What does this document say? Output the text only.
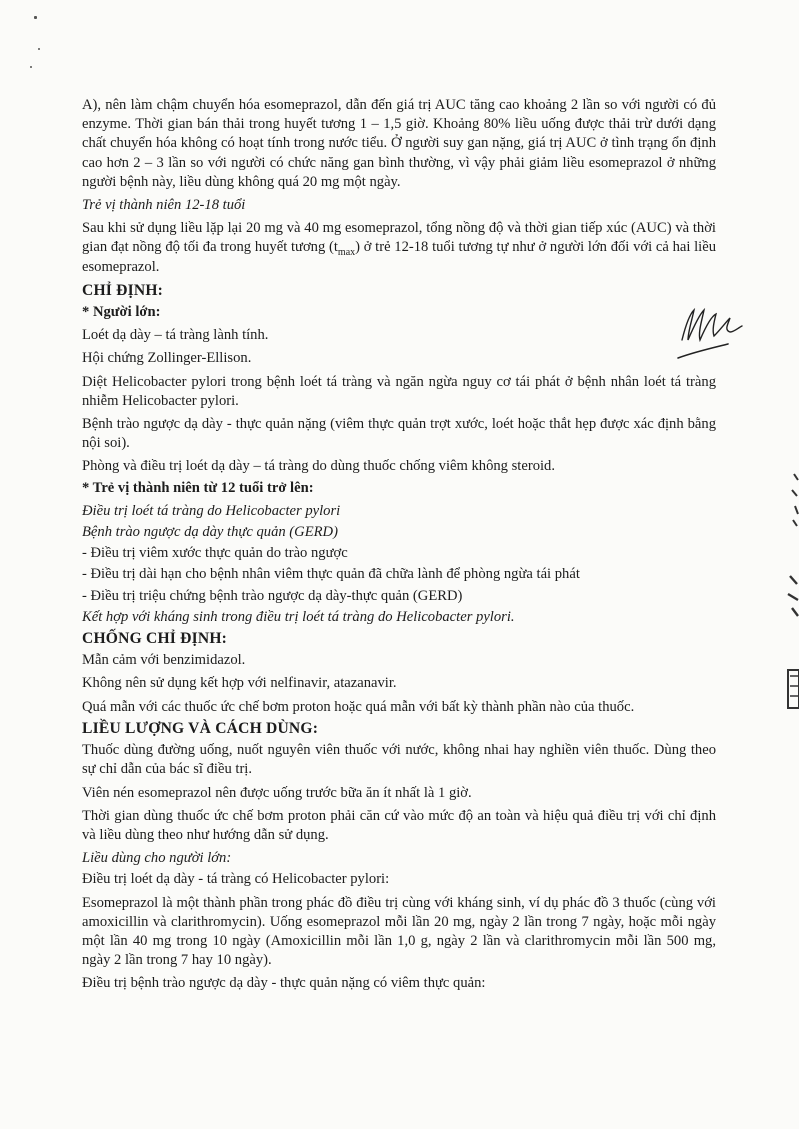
A), nên làm chậm chuyển hóa esomeprazol, dẫn đến giá trị AUC tăng cao khoảng 2 lần so với người có đủ enzyme. Thời gian bán thải trong huyết tương 1 – 1,5 giờ. Khoảng 80% liều uống được thải trừ dưới dạng chất chuyển hóa không có hoạt tính trong nước tiểu. Ở người suy gan nặng, giá trị AUC ở tình trạng ổn định cao hơn 2 – 3 lần so với người có chức năng gan bình thường, vì vậy phải giảm liều esomeprazol ở những người bệnh này, liều dùng không quá 20 mg một ngày.

Trẻ vị thành niên 12-18 tuổi

Sau khi sử dụng liều lặp lại 20 mg và 40 mg esomeprazol, tổng nồng độ và thời gian tiếp xúc (AUC) và thời gian đạt nồng độ tối đa trong huyết tương $(t_{max})$ ở trẻ 12-18 tuổi tương tự như ở người lớn đối với cả hai liều esomeprazol.

CHỈ ĐỊNH:

* Người lớn:

Loét dạ dày – tá tràng lành tính.

Hội chứng Zollinger-Ellison.

Diệt Helicobacter pylori trong bệnh loét tá tràng và ngăn ngừa nguy cơ tái phát ở bệnh nhân loét tá tràng nhiễm Helicobacter pylori.

Bệnh trào ngược dạ dày - thực quản nặng (viêm thực quản trợt xước, loét hoặc thắt hẹp được xác định bằng nội soi).

Phòng và điều trị loét dạ dày – tá tràng do dùng thuốc chống viêm không steroid.

* Trẻ vị thành niên từ 12 tuổi trở lên:

Điều trị loét tá tràng do Helicobacter pylori

Bệnh trào ngược dạ dày thực quản (GERD)

- Điều trị viêm xước thực quản do trào ngược

- Điều trị dài hạn cho bệnh nhân viêm thực quản đã chữa lành để phòng ngừa tái phát

- Điều trị triệu chứng bệnh trào ngược dạ dày-thực quản (GERD)

Kết hợp với kháng sinh trong điều trị loét tá tràng do Helicobacter pylori.

CHỐNG CHỈ ĐỊNH:

Mẫn cảm với benzimidazol.

Không nên sử dụng kết hợp với nelfinavir, atazanavir.

Quá mẫn với các thuốc ức chế bơm proton hoặc quá mẫn với bất kỳ thành phần nào của thuốc.

LIỀU LƯỢNG VÀ CÁCH DÙNG:

Thuốc dùng đường uống, nuốt nguyên viên thuốc với nước, không nhai hay nghiền viên thuốc. Dùng theo sự chỉ dẫn của bác sĩ điều trị.

Viên nén esomeprazol nên được uống trước bữa ăn ít nhất là 1 giờ.

Thời gian dùng thuốc ức chế bơm proton phải căn cứ vào mức độ an toàn và hiệu quả điều trị với chỉ định và liều dùng theo như hướng dẫn sử dụng.

Liều dùng cho người lớn:

Điều trị loét dạ dày - tá tràng có Helicobacter pylori:

Esomeprazol là một thành phần trong phác đồ điều trị cùng với kháng sinh, ví dụ phác đồ 3 thuốc (cùng với amoxicillin và clarithromycin). Uống esomeprazol mỗi lần 20 mg, ngày 2 lần trong 7 ngày, hoặc mỗi ngày một lần 40 mg trong 10 ngày (Amoxicillin mỗi lần 1,0 g, ngày 2 lần và clarithromycin mỗi lần 500 mg, ngày 2 lần trong 7 hay 10 ngày).

Điều trị bệnh trào ngược dạ dày - thực quản nặng có viêm thực quản:
